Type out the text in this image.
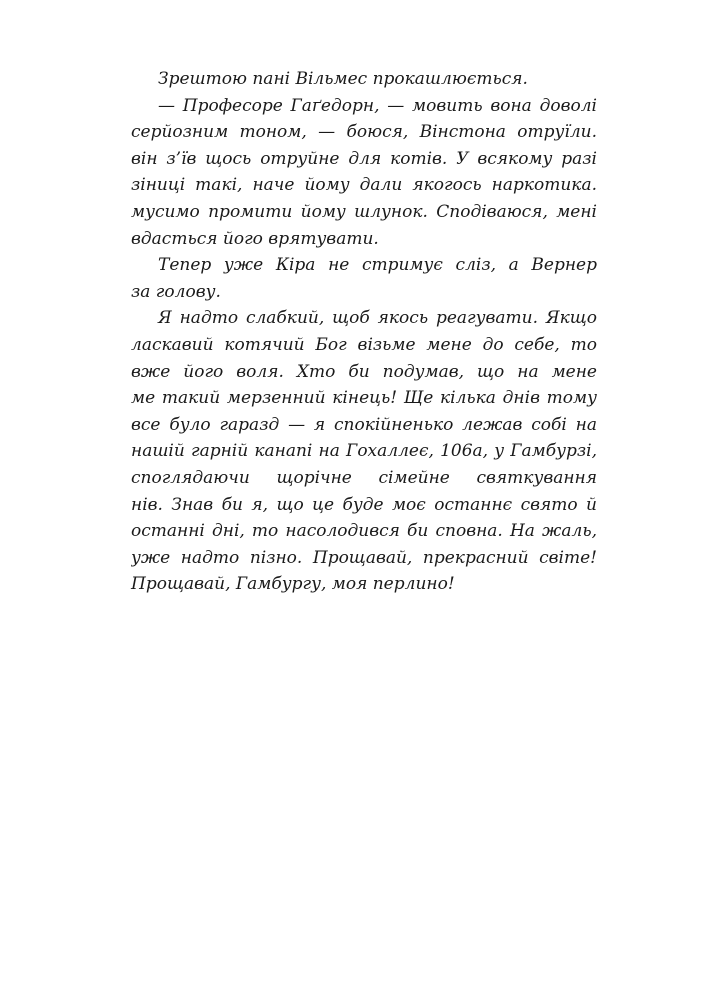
Зрештою пані Вільмес прокашлюється.
— Професоре Гаґедорн, — мовить вона доволі
серйозним тоном, — боюся, Вінстона отруїли.
він з’їв щось отруйне для котів. У всякому разі
зіниці такі, наче йому дали якогось наркотика.
мусимо промити йому шлунок. Сподіваюся, мені
вдасться його врятувати.
Тепер уже Кіра не стримує сліз, а Вернер
за голову.
Я надто слабкий, щоб якось реагувати. Якщо
ласкавий котячий Бог візьме мене до себе, то
вже його воля. Хто би подумав, що на мене
ме такий мерзенний кінець! Ще кілька днів тому
все було гаразд — я спокійненько лежав собі на
нашій гарній канапі на Гохаллеє, 106а, у Гамбурзі,
споглядаючи щорічне сімейне святкування
нів. Знав би я, що це буде моє останнє свято й
останні дні, то насолодився би сповна. На жаль,
уже надто пізно. Прощавай, прекрасний світе!
Прощавай, Гамбургу, моя перлино!
